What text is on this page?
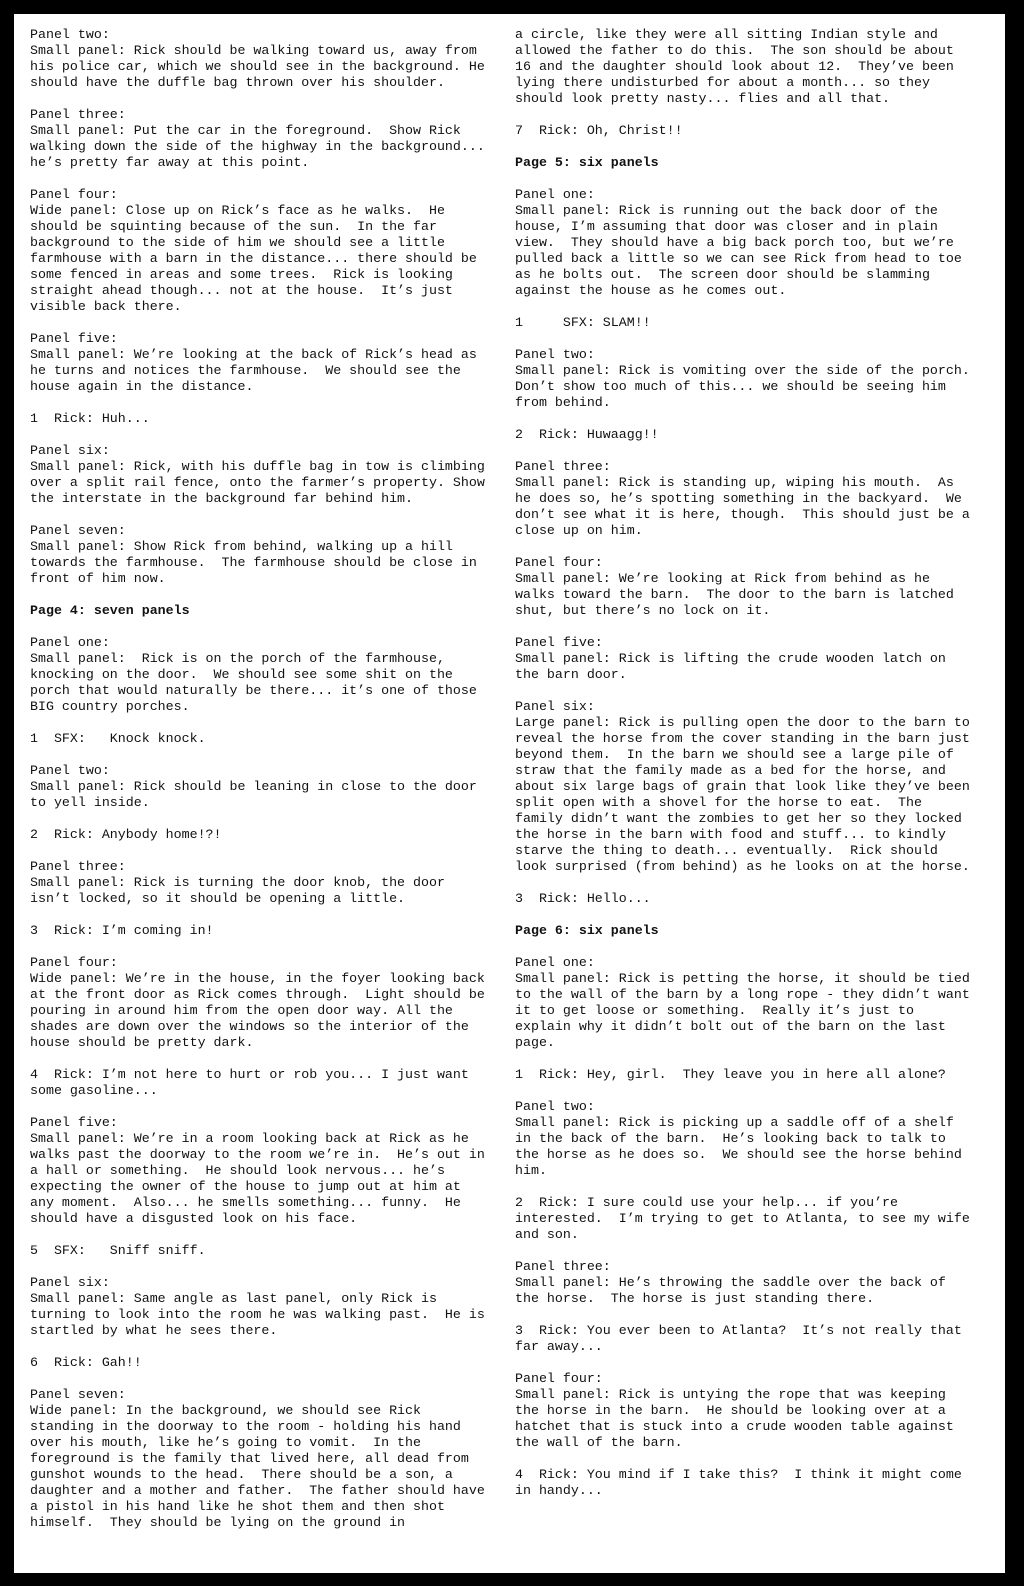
Panel two:
Small panel: Rick should be walking toward us, away from his police car, which we should see in the background. He should have the duffle bag thrown over his shoulder.
Panel three:
Small panel: Put the car in the foreground.  Show Rick walking down the side of the highway in the background... he’s pretty far away at this point.
Panel four:
Wide panel: Close up on Rick’s face as he walks.  He should be squinting because of the sun.  In the far background to the side of him we should see a little farmhouse with a barn in the distance... there should be some fenced in areas and some trees.  Rick is looking straight ahead though... not at the house.  It’s just visible back there.
Panel five:
Small panel: We’re looking at the back of Rick’s head as he turns and notices the farmhouse.  We should see the house again in the distance.
1  Rick: Huh...
Panel six:
Small panel: Rick, with his duffle bag in tow is climbing over a split rail fence, onto the farmer’s property. Show the interstate in the background far behind him.
Panel seven:
Small panel: Show Rick from behind, walking up a hill towards the farmhouse.  The farmhouse should be close in front of him now.
Page 4: seven panels
Panel one:
Small panel:  Rick is on the porch of the farmhouse, knocking on the door.  We should see some shit on the porch that would naturally be there... it’s one of those BIG country porches.
1  SFX:   Knock knock.
Panel two:
Small panel: Rick should be leaning in close to the door to yell inside.
2  Rick: Anybody home!?!
Panel three:
Small panel: Rick is turning the door knob, the door isn’t locked, so it should be opening a little.
3  Rick: I’m coming in!
Panel four:
Wide panel: We’re in the house, in the foyer looking back at the front door as Rick comes through.  Light should be pouring in around him from the open door way. All the shades are down over the windows so the interior of the house should be pretty dark.
4  Rick: I’m not here to hurt or rob you... I just want some gasoline...
Panel five:
Small panel: We’re in a room looking back at Rick as he walks past the doorway to the room we’re in.  He’s out in a hall or something.  He should look nervous... he’s expecting the owner of the house to jump out at him at any moment.  Also... he smells something... funny.  He should have a disgusted look on his face.
5  SFX:   Sniff sniff.
Panel six:
Small panel: Same angle as last panel, only Rick is turning to look into the room he was walking past.  He is startled by what he sees there.
6  Rick: Gah!!
Panel seven:
Wide panel: In the background, we should see Rick standing in the doorway to the room - holding his hand over his mouth, like he’s going to vomit.  In the foreground is the family that lived here, all dead from gunshot wounds to the head.  There should be a son, a daughter and a mother and father.  The father should have a pistol in his hand like he shot them and then shot himself.  They should be lying on the ground in
a circle, like they were all sitting Indian style and allowed the father to do this.  The son should be about 16 and the daughter should look about 12.  They’ve been lying there undisturbed for about a month... so they should look pretty nasty... flies and all that.
7  Rick: Oh, Christ!!
Page 5: six panels
Panel one:
Small panel: Rick is running out the back door of the house, I’m assuming that door was closer and in plain view.  They should have a big back porch too, but we’re pulled back a little so we can see Rick from head to toe as he bolts out.  The screen door should be slamming against the house as he comes out.
1     SFX: SLAM!!
Panel two:
Small panel: Rick is vomiting over the side of the porch.  Don’t show too much of this... we should be seeing him from behind.
2  Rick: Huwaagg!!
Panel three:
Small panel: Rick is standing up, wiping his mouth.  As he does so, he’s spotting something in the backyard.  We don’t see what it is here, though.  This should just be a close up on him.
Panel four:
Small panel: We’re looking at Rick from behind as he walks toward the barn.  The door to the barn is latched shut, but there’s no lock on it.
Panel five:
Small panel: Rick is lifting the crude wooden latch on the barn door.
Panel six:
Large panel: Rick is pulling open the door to the barn to reveal the horse from the cover standing in the barn just beyond them.  In the barn we should see a large pile of straw that the family made as a bed for the horse, and about six large bags of grain that look like they’ve been split open with a shovel for the horse to eat.  The family didn’t want the zombies to get her so they locked the horse in the barn with food and stuff... to kindly starve the thing to death... eventually.  Rick should look surprised (from behind) as he looks on at the horse.
3  Rick: Hello...
Page 6: six panels
Panel one:
Small panel: Rick is petting the horse, it should be tied to the wall of the barn by a long rope - they didn’t want it to get loose or something.  Really it’s just to explain why it didn’t bolt out of the barn on the last page.
1  Rick: Hey, girl.  They leave you in here all alone?
Panel two:
Small panel: Rick is picking up a saddle off of a shelf in the back of the barn.  He’s looking back to talk to the horse as he does so.  We should see the horse behind him.
2  Rick: I sure could use your help... if you’re interested.  I’m trying to get to Atlanta, to see my wife and son.
Panel three:
Small panel: He’s throwing the saddle over the back of the horse.  The horse is just standing there.
3  Rick: You ever been to Atlanta?  It’s not really that far away...
Panel four:
Small panel: Rick is untying the rope that was keeping the horse in the barn.  He should be looking over at a hatchet that is stuck into a crude wooden table against the wall of the barn.
4  Rick: You mind if I take this?  I think it might come in handy...
